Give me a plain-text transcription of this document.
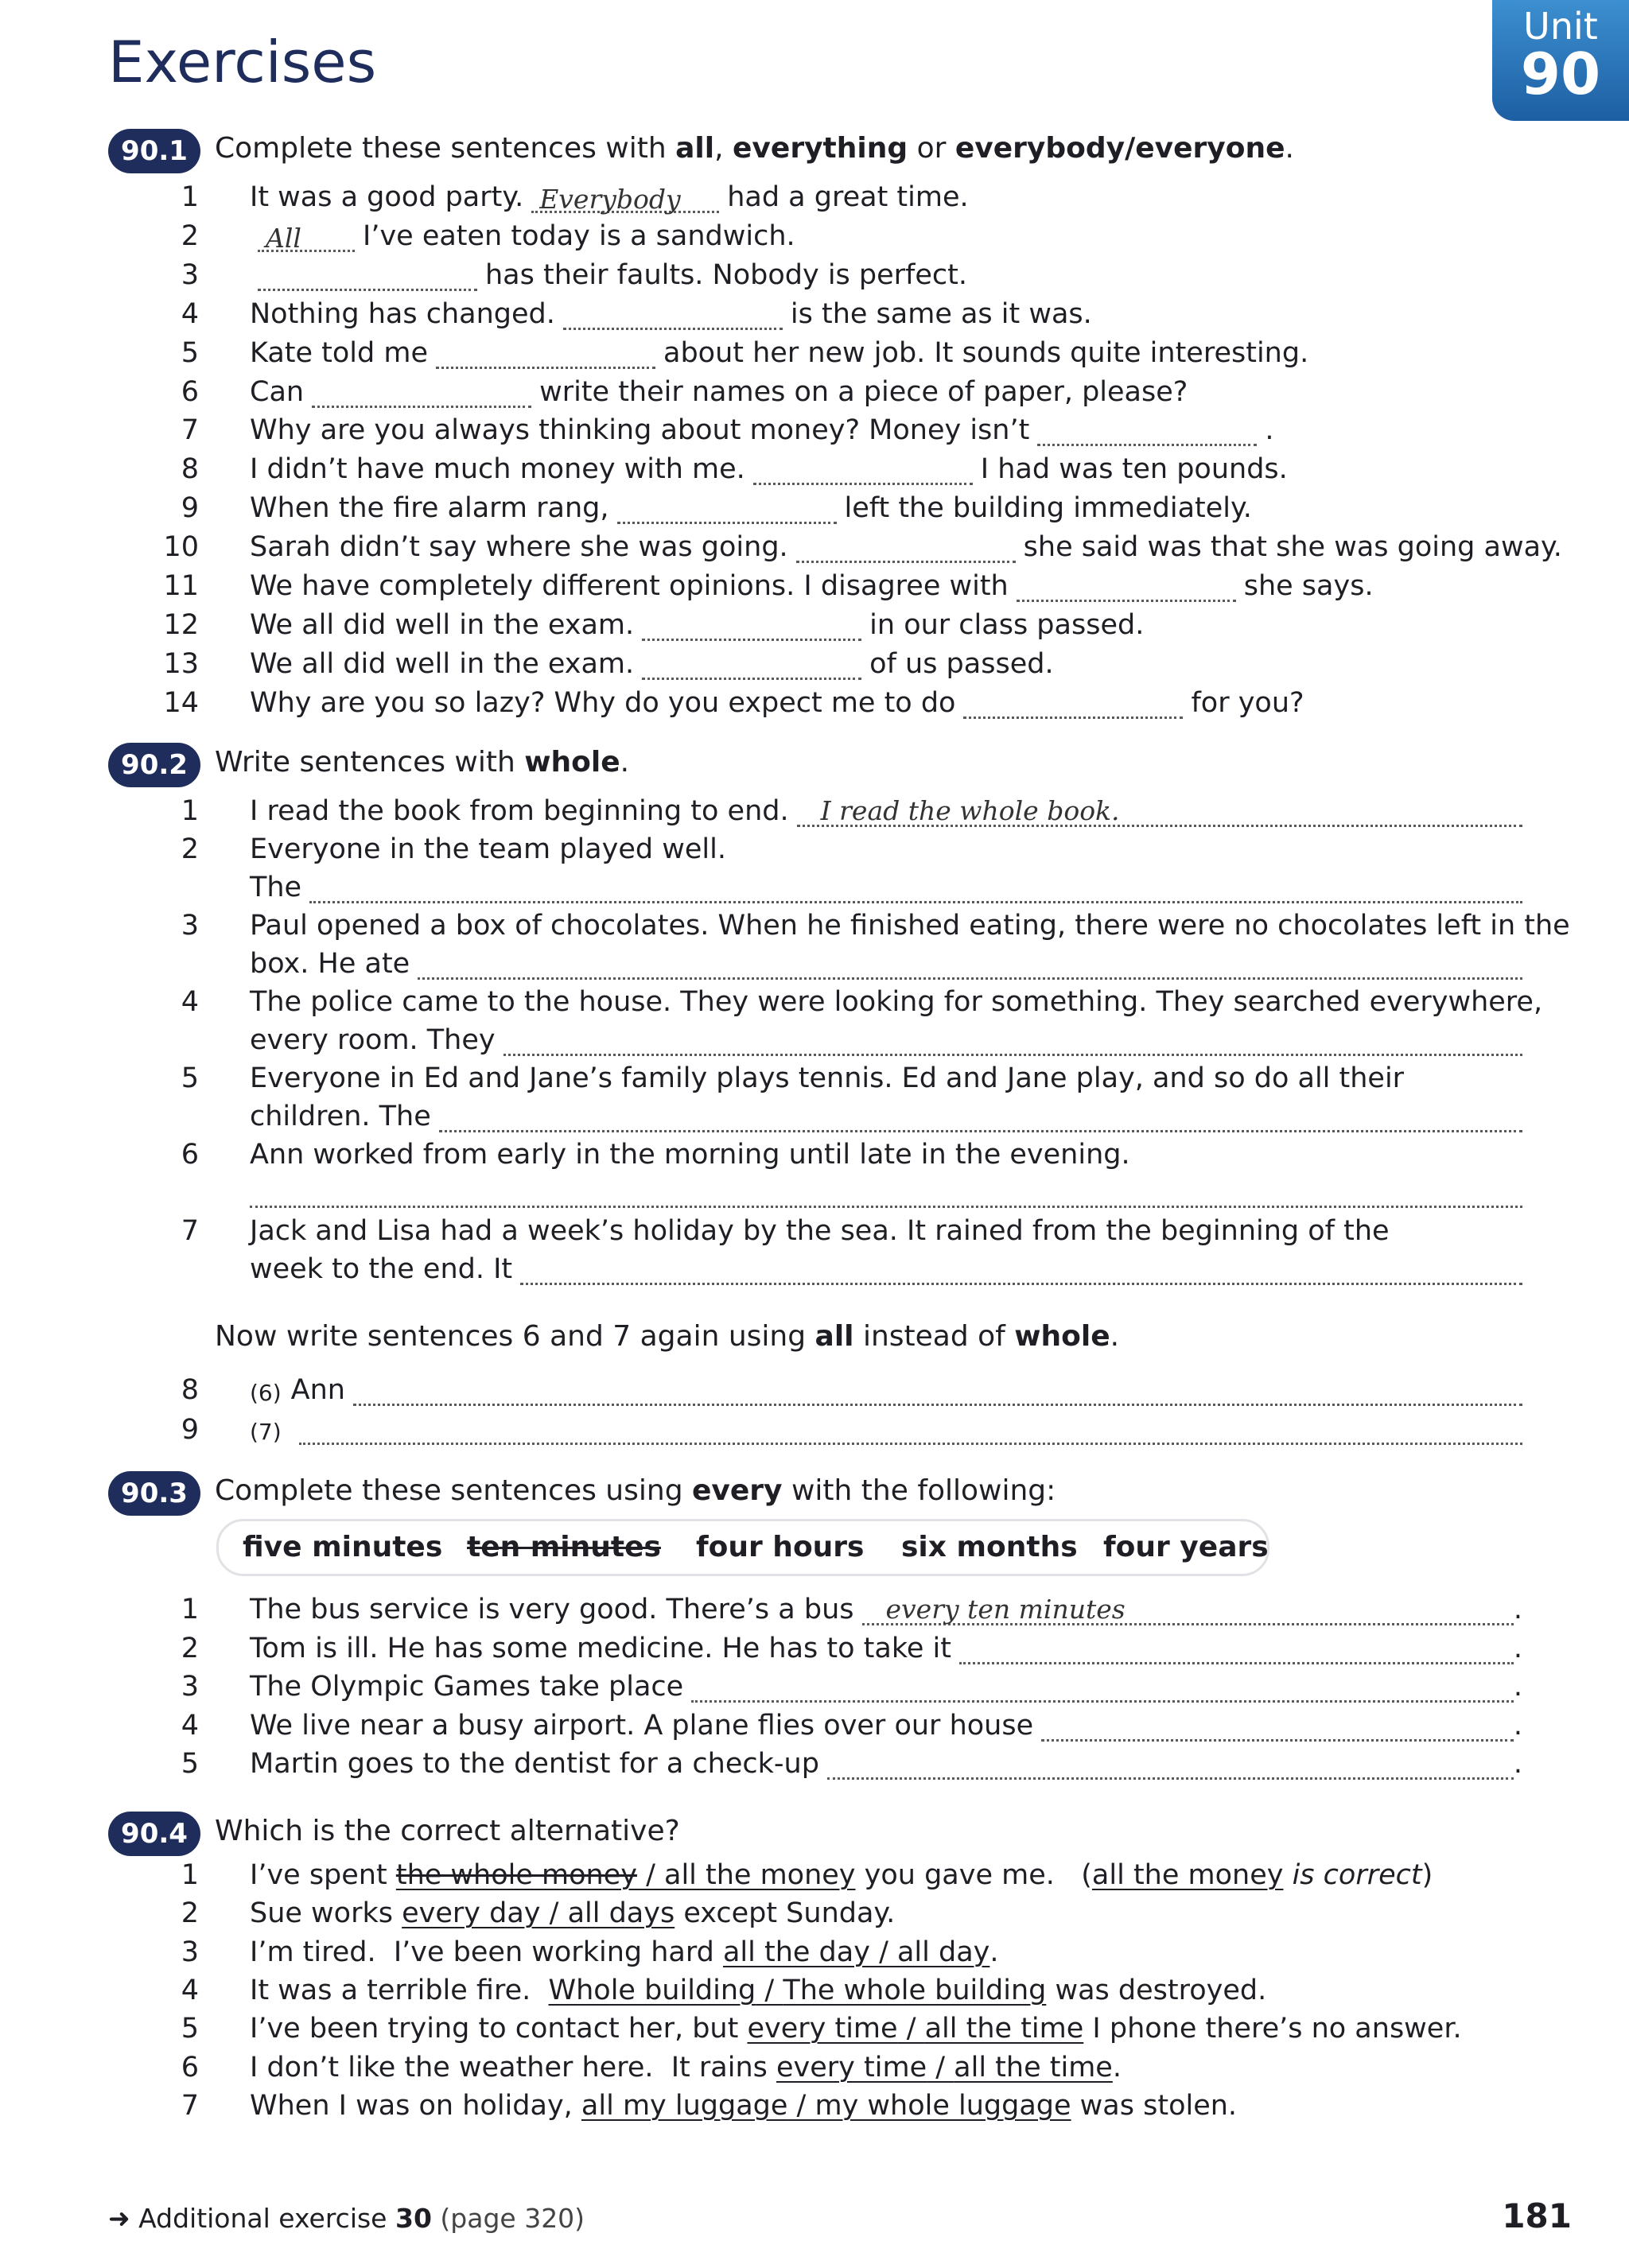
Exercises
Unit
90
90.1 Complete these sentences with all, everything or everybody/everyone.
1 It was a good party. Everybody	had a great time.
2	All	I’ve eaten today is a sandwich.
3	has their faults. Nobody is perfect.
4 Nothing has changed.	is the same as it was.
5 Kate told me	about her new job. It sounds quite interesting.
6 Can	write their names on a piece of paper, please?
7 Why are you always thinking about money? Money isn’t	.
8 I didn’t have much money with me.	I had was ten pounds.
9 When the fire alarm rang,	left the building immediately.
10 Sarah didn’t say where she was going.	she said was that she was going away.
11 We have completely different opinions. I disagree with	she says.
12 We all did well in the exam.	in our class passed.
13 We all did well in the exam.	of us passed.
14 Why are you so lazy? Why do you expect me to do	for you?
90.2 Write sentences with whole.
1 I read the book from beginning to end.	I read the whole book.
2 Everyone in the team played well.
The
3 Paul opened a box of chocolates. When he finished eating, there were no chocolates left in the
box. He ate
4 The police came to the house. They were looking for something. They searched everywhere,
every room. They
5 Everyone in Ed and Jane’s family plays tennis. Ed and Jane play, and so do all their
children. The
6 Ann worked from early in the morning until late in the evening.
7 Jack and Lisa had a week’s holiday by the sea. It rained from the beginning of the
week to the end. It
Now write sentences 6 and 7 again using all instead of whole.
8 (6) Ann
9 (7)
90.3 Complete these sentences using every with the following:
five minutes ten minutes four hours six months four years
1 The bus service is very good. There’s a bus	every ten minutes	.
2 Tom is ill. He has some medicine. He has to take it	.
3 The Olympic Games take place	.
4 We live near a busy airport. A plane flies over our house	.
5 Martin goes to the dentist for a check-up	.
90.4 Which is the correct alternative?
1 I’ve spent the whole money / all the money you gave me.   ( all the money is correct )
2 Sue works every day / all days except Sunday.
3 I’m tired.  I’ve been working hard all the day / all day .
4 It was a terrible fire. Whole building / The whole building was destroyed.
5 I’ve been trying to contact her, but every time / all the time I phone there’s no answer.
6 I don’t like the weather here.  It rains every time / all the time .
7 When I was on holiday, all my luggage / my whole luggage was stolen.
➜ Additional exercise 30 (page 320)	181
